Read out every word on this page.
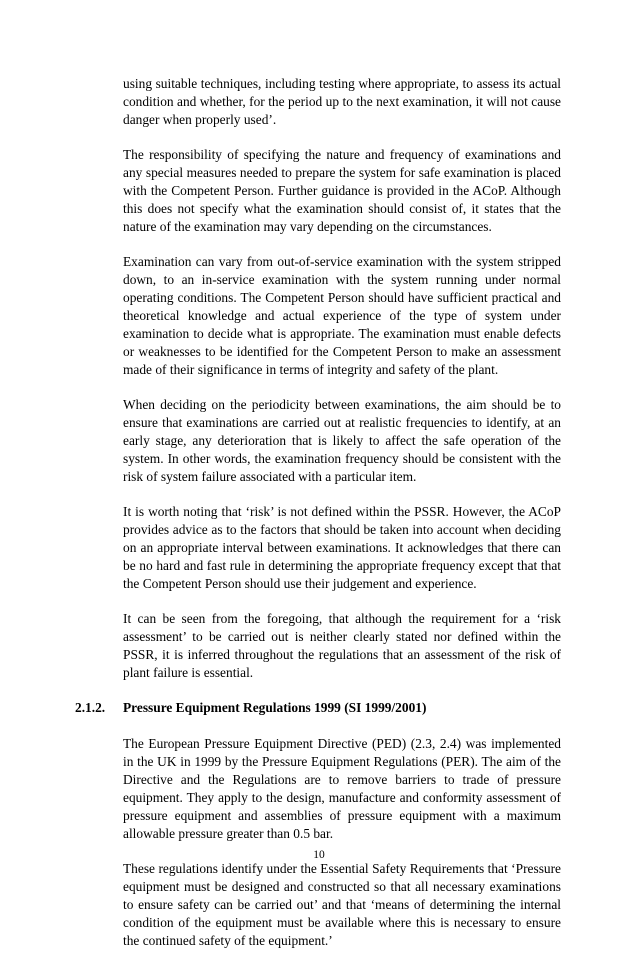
using suitable techniques, including testing where appropriate, to assess its actual condition and whether, for the period up to the next examination, it will not cause danger when properly used’.

The responsibility of specifying the nature and frequency of examinations and any special measures needed to prepare the system for safe examination is placed with the Competent Person. Further guidance is provided in the ACoP. Although this does not specify what the examination should consist of, it states that the nature of the examination may vary depending on the circumstances.

Examination can vary from out-of-service examination with the system stripped down, to an in-service examination with the system running under normal operating conditions. The Competent Person should have sufficient practical and theoretical knowledge and actual experience of the type of system under examination to decide what is appropriate. The examination must enable defects or weaknesses to be identified for the Competent Person to make an assessment made of their significance in terms of integrity and safety of the plant.

When deciding on the periodicity between examinations, the aim should be to ensure that examinations are carried out at realistic frequencies to identify, at an early stage, any deterioration that is likely to affect the safe operation of the system. In other words, the examination frequency should be consistent with the risk of system failure associated with a particular item.

It is worth noting that ‘risk’ is not defined within the PSSR. However, the ACoP provides advice as to the factors that should be taken into account when deciding on an appropriate interval between examinations. It acknowledges that there can be no hard and fast rule in determining the appropriate frequency except that that the Competent Person should use their judgement and experience.

It can be seen from the foregoing, that although the requirement for a ‘risk assessment’ to be carried out is neither clearly stated nor defined within the PSSR, it is inferred throughout the regulations that an assessment of the risk of plant failure is essential.

2.1.2. Pressure Equipment Regulations 1999 (SI 1999/2001)

The European Pressure Equipment Directive (PED) (2.3, 2.4) was implemented in the UK in 1999 by the Pressure Equipment Regulations (PER). The aim of the Directive and the Regulations are to remove barriers to trade of pressure equipment. They apply to the design, manufacture and conformity assessment of pressure equipment and assemblies of pressure equipment with a maximum allowable pressure greater than 0.5 bar.

These regulations identify under the Essential Safety Requirements that ‘Pressure equipment must be designed and constructed so that all necessary examinations to ensure safety can be carried out’ and that ‘means of determining the internal condition of the equipment must be available where this is necessary to ensure the continued safety of the equipment.’

10
